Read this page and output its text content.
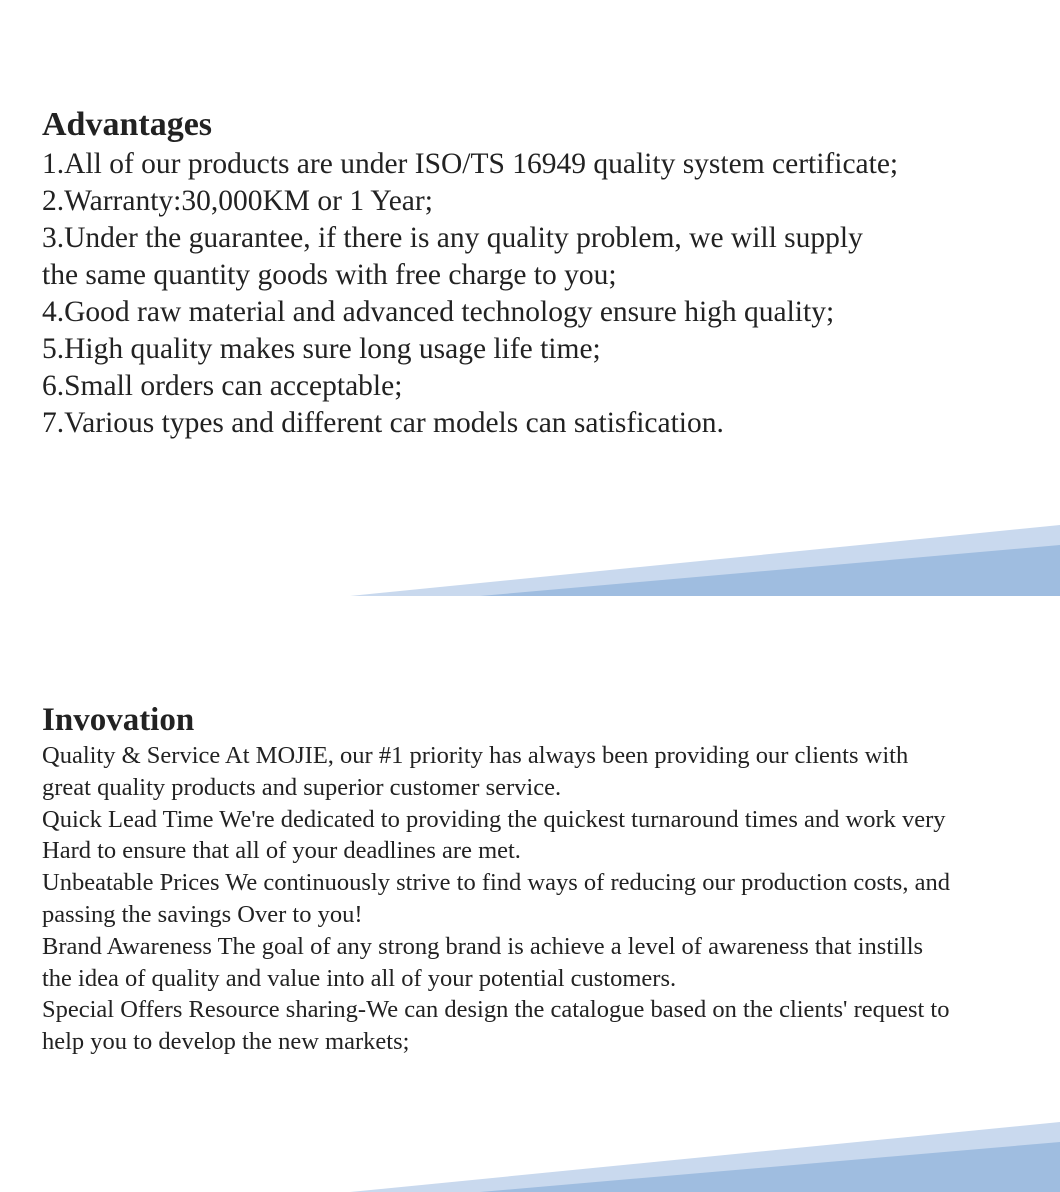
Advantages
1.All of our products are under ISO/TS 16949 quality system certificate;
2.Warranty:30,000KM or 1 Year;
3.Under the guarantee, if there is any quality problem, we will supply
the same quantity goods with free charge to you;
4.Good raw material and advanced technology ensure high quality;
5.High quality makes sure long usage life time;
6.Small orders can acceptable;
7.Various types and different car models can satisfication.
Invovation
Quality & Service At MOJIE, our #1 priority has always been providing our clients with
great quality products and superior customer service.
Quick Lead Time We're dedicated to providing the quickest turnaround times and work very
Hard to ensure that all of your deadlines are met.
Unbeatable Prices We continuously strive to find ways of reducing our production costs, and
passing the savings Over to you!
Brand Awareness The goal of any strong brand is achieve a level of awareness that instills
the idea of quality and value into all of your potential customers.
Special Offers Resource sharing-We can design the catalogue based on the clients' request to
help you to develop the new markets;
